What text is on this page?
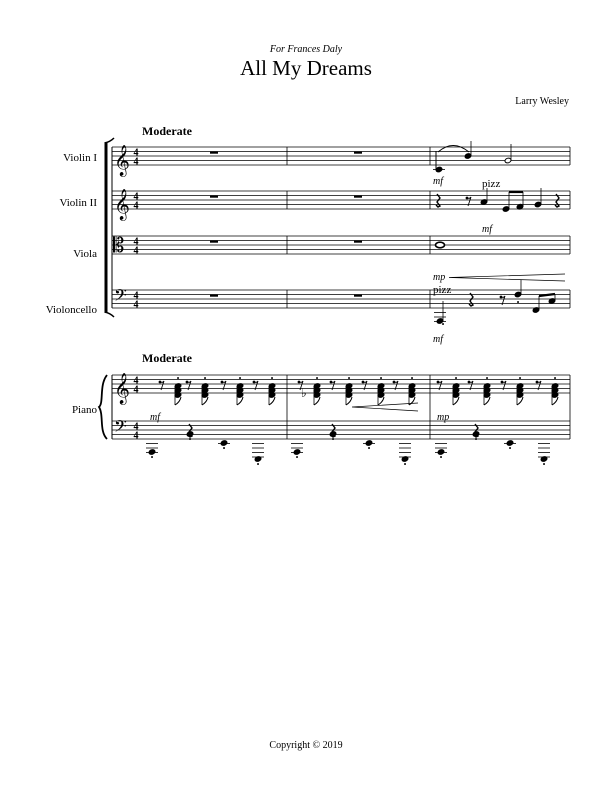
For Frances Daly
All My Dreams
Larry Wesley
Copyright © 2019
Violin I
Violin II
Viola
Violoncello
Piano
Moderate
Moderate
𝄞
𝄞
𝄞
𝄡
𝄢
𝄢
4
4
4
4
4
4
4
4
4
4
4
4
mf	pizz
mf
mp
pizz
•
•
mf
•	•	•	•	•	•	•	•	•	•	•	•
♭
mf	mp
•
•
•
•
•
•
•
•
•
•
•
•
